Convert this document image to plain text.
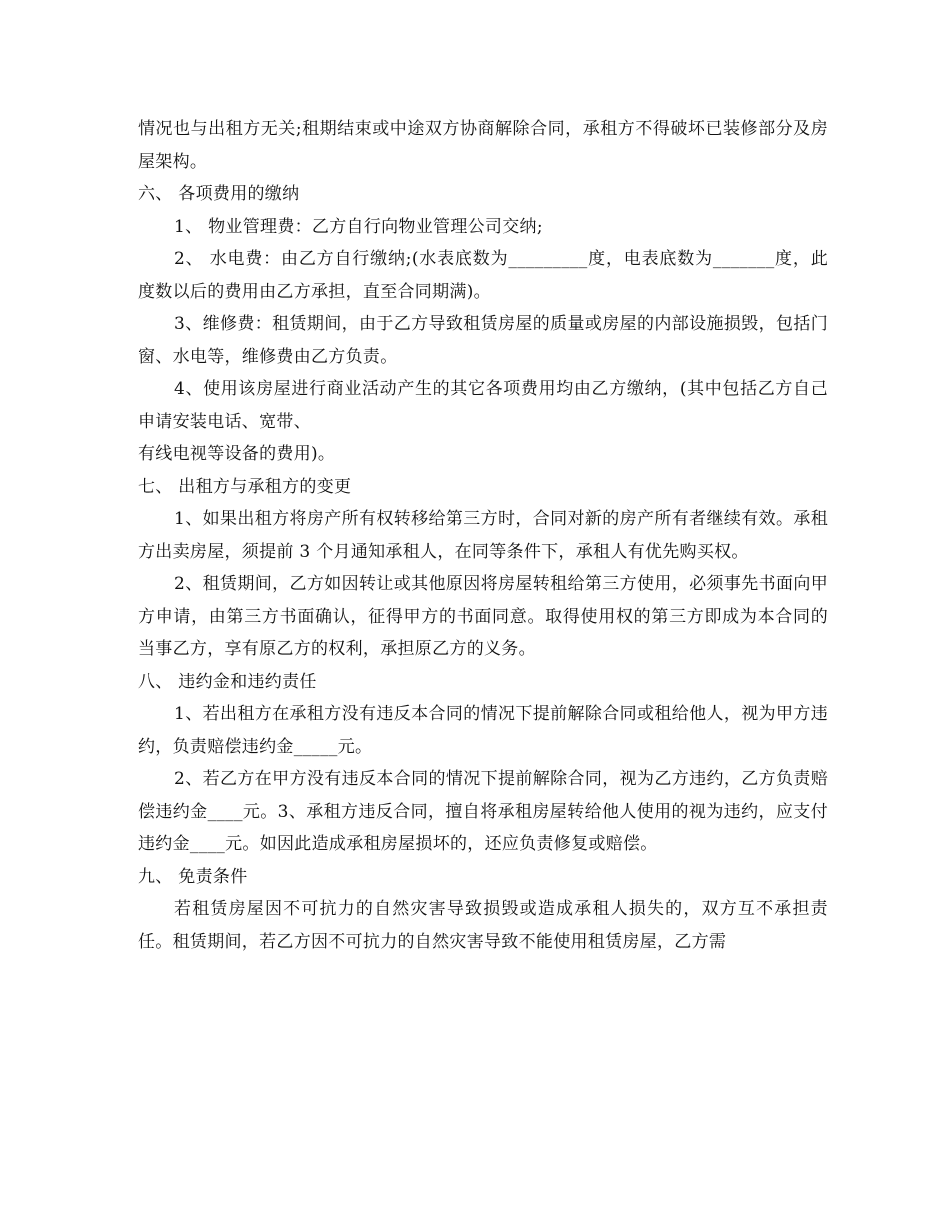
情况也与出租方无关;租期结束或中途双方协商解除合同，承租方不得破坏已装修部分及房屋架构。

六、 各项费用的缴纳

1、 物业管理费：乙方自行向物业管理公司交纳;

2、 水电费：由乙方自行缴纳;(水表底数为_________度，电表底数为_______度，此度数以后的费用由乙方承担，直至合同期满)。

3、维修费：租赁期间，由于乙方导致租赁房屋的质量或房屋的内部设施损毁，包括门窗、水电等，维修费由乙方负责。

4、使用该房屋进行商业活动产生的其它各项费用均由乙方缴纳，(其中包括乙方自己申请安装电话、宽带、

有线电视等设备的费用)。

七、 出租方与承租方的变更

1、如果出租方将房产所有权转移给第三方时，合同对新的房产所有者继续有效。承租方出卖房屋，须提前 3 个月通知承租人，在同等条件下，承租人有优先购买权。

2、租赁期间，乙方如因转让或其他原因将房屋转租给第三方使用，必须事先书面向甲方申请，由第三方书面确认，征得甲方的书面同意。取得使用权的第三方即成为本合同的当事乙方，享有原乙方的权利，承担原乙方的义务。

八、 违约金和违约责任

1、若出租方在承租方没有违反本合同的情况下提前解除合同或租给他人，视为甲方违约，负责赔偿违约金_____元。

2、若乙方在甲方没有违反本合同的情况下提前解除合同，视为乙方违约，乙方负责赔偿违约金____元。3、承租方违反合同，擅自将承租房屋转给他人使用的视为违约，应支付违约金____元。如因此造成承租房屋损坏的，还应负责修复或赔偿。

九、 免责条件

若租赁房屋因不可抗力的自然灾害导致损毁或造成承租人损失的，双方互不承担责任。租赁期间，若乙方因不可抗力的自然灾害导致不能使用租赁房屋，乙方需
